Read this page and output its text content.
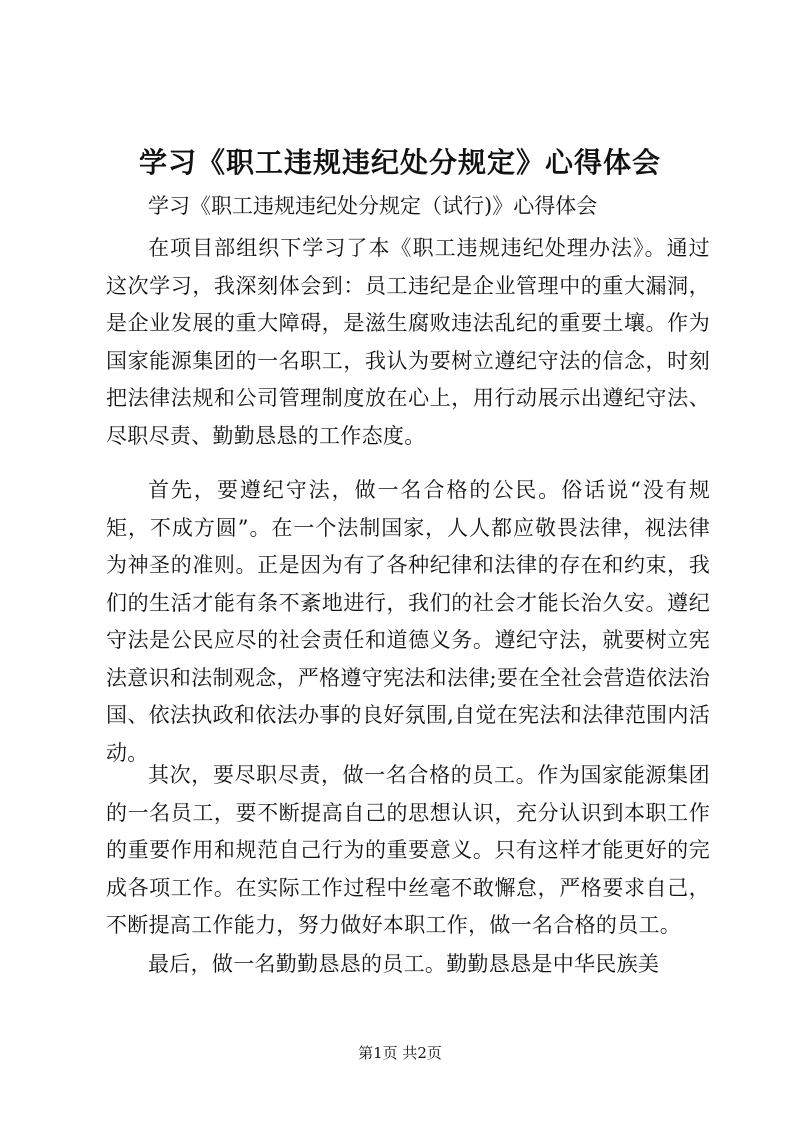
学习《职工违规违纪处分规定》心得体会

学习《职工违规违纪处分规定（试行)》心得体会

在项目部组织下学习了本《职工违规违纪处理办法》。通过这次学习，我深刻体会到：员工违纪是企业管理中的重大漏洞，是企业发展的重大障碍，是滋生腐败违法乱纪的重要土壤。作为国家能源集团的一名职工，我认为要树立遵纪守法的信念，时刻把法律法规和公司管理制度放在心上，用行动展示出遵纪守法、尽职尽责、勤勤恳恳的工作态度。

首先，要遵纪守法，做一名合格的公民。俗话说“没有规矩，不成方圆”。在一个法制国家，人人都应敬畏法律，视法律为神圣的准则。正是因为有了各种纪律和法律的存在和约束，我们的生活才能有条不紊地进行，我们的社会才能长治久安。遵纪守法是公民应尽的社会责任和道德义务。遵纪守法，就要树立宪法意识和法制观念，严格遵守宪法和法律;要在全社会营造依法治国、依法执政和依法办事的良好氛围,自觉在宪法和法律范围内活动。

其次，要尽职尽责，做一名合格的员工。作为国家能源集团的一名员工，要不断提高自己的思想认识，充分认识到本职工作的重要作用和规范自己行为的重要意义。只有这样才能更好的完成各项工作。在实际工作过程中丝毫不敢懈怠，严格要求自己，不断提高工作能力，努力做好本职工作，做一名合格的员工。

最后，做一名勤勤恳恳的员工。勤勤恳恳是中华民族美

第1页 共2页
